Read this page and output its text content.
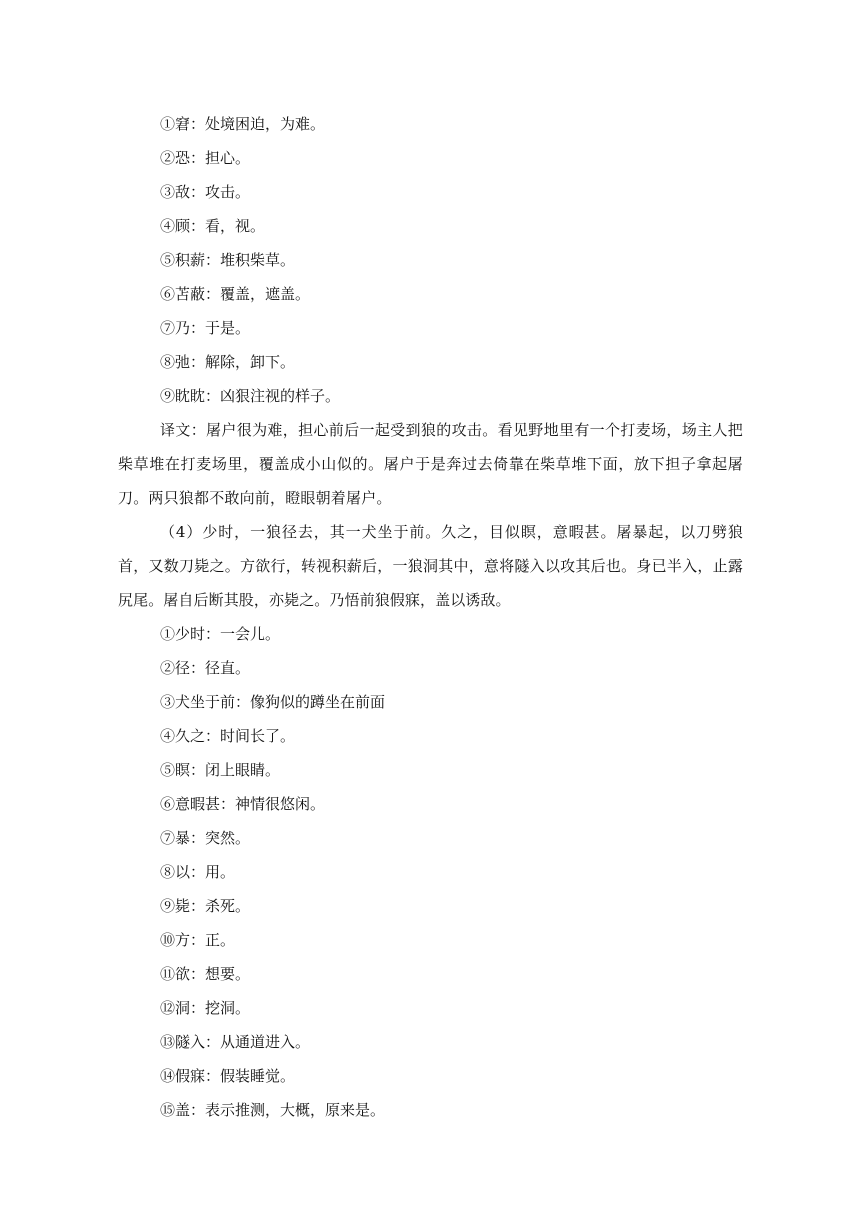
①窘：处境困迫，为难。

②恐：担心。

③敌：攻击。

④顾：看，视。

⑤积薪：堆积柴草。

⑥苫蔽：覆盖，遮盖。

⑦乃：于是。

⑧弛：解除，卸下。

⑨眈眈：凶狠注视的样子。

译文：屠户很为难，担心前后一起受到狼的攻击。看见野地里有一个打麦场，场主人把柴草堆在打麦场里，覆盖成小山似的。屠户于是奔过去倚靠在柴草堆下面，放下担子拿起屠刀。两只狼都不敢向前，瞪眼朝着屠户。

（4）少时，一狼径去，其一犬坐于前。久之，目似瞑，意暇甚。屠暴起，以刀劈狼首，又数刀毙之。方欲行，转视积薪后，一狼洞其中，意将隧入以攻其后也。身已半入，止露尻尾。屠自后断其股，亦毙之。乃悟前狼假寐，盖以诱敌。

①少时：一会儿。

②径：径直。

③犬坐于前：像狗似的蹲坐在前面

④久之：时间长了。

⑤瞑：闭上眼睛。

⑥意暇甚：神情很悠闲。

⑦暴：突然。

⑧以：用。

⑨毙：杀死。

⑩方：正。

⑪欲：想要。

⑫洞：挖洞。

⑬隧入：从通道进入。

⑭假寐：假装睡觉。

⑮盖：表示推测，大概，原来是。
